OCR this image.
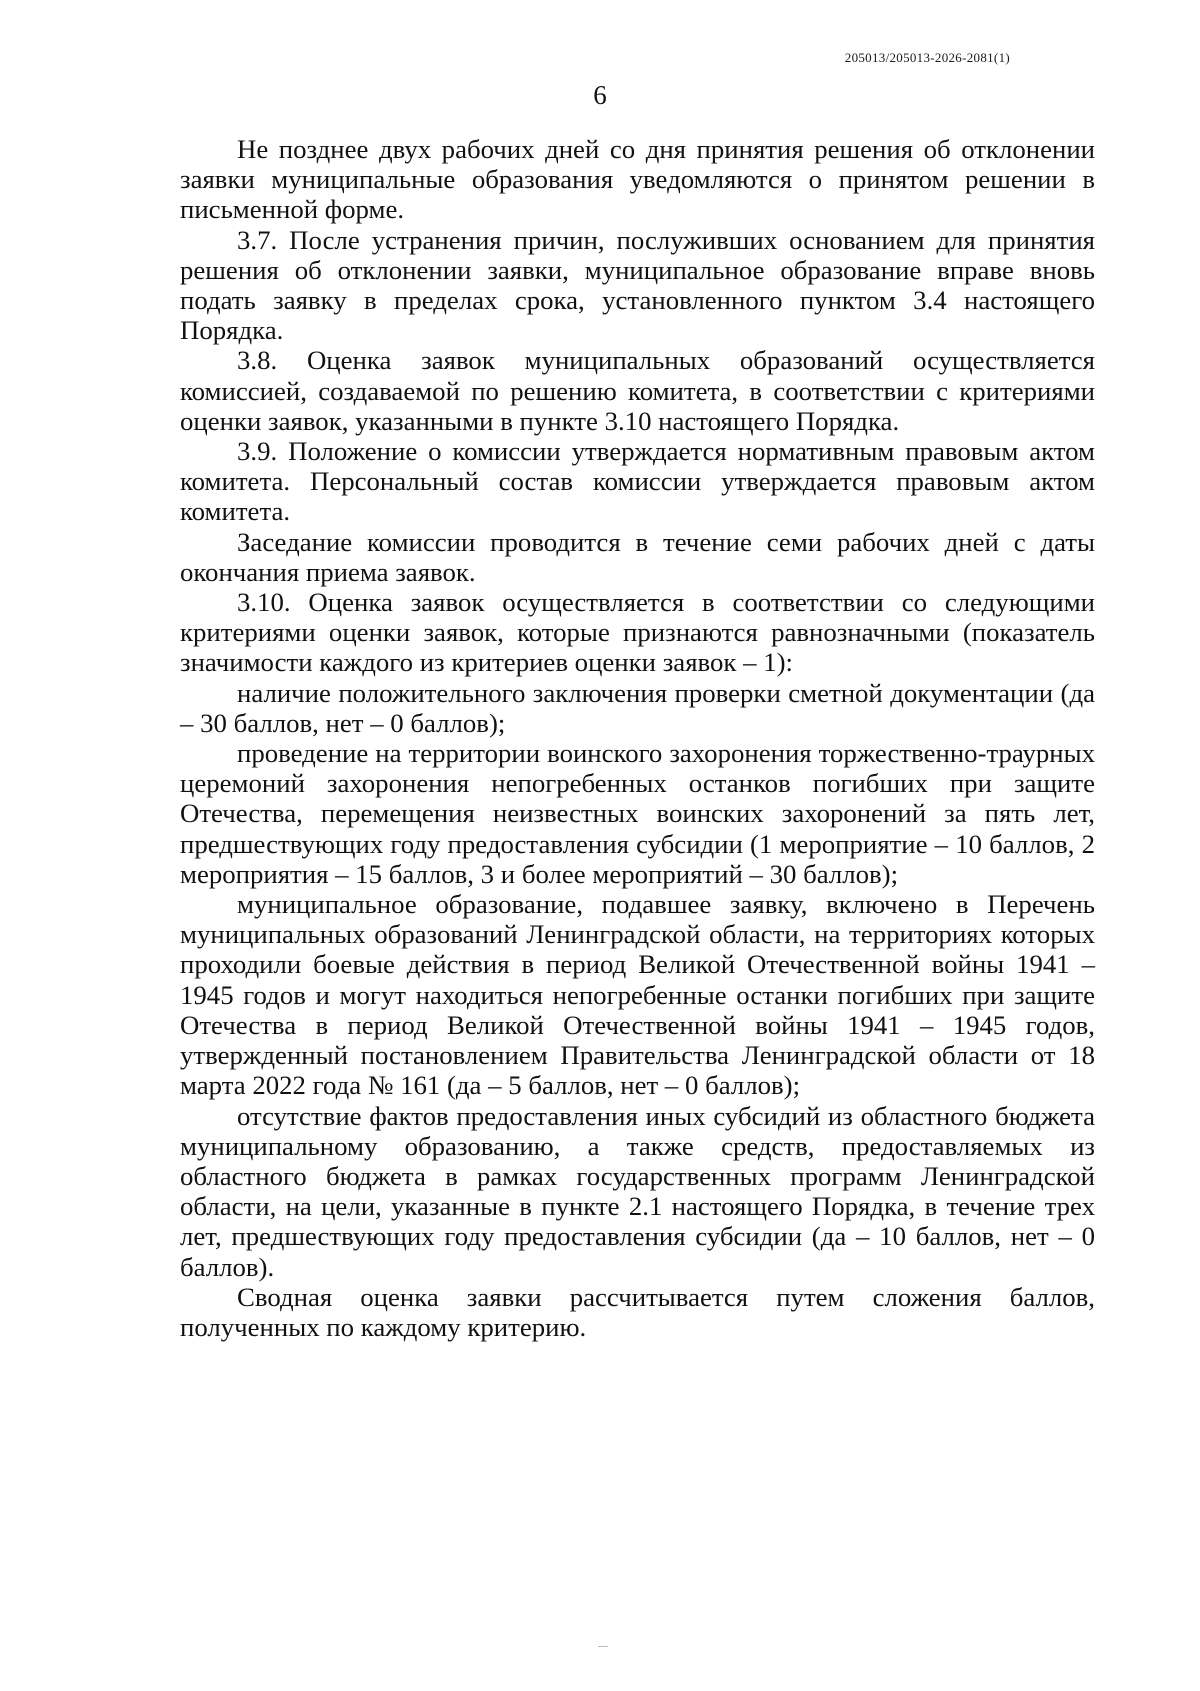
205013/205013-2026-2081(1)
6

Не позднее двух рабочих дней со дня принятия решения об отклонении заявки муниципальные образования уведомляются о принятом решении в письменной форме.

3.7. После устранения причин, послуживших основанием для принятия решения об отклонении заявки, муниципальное образование вправе вновь подать заявку в пределах срока, установленного пунктом 3.4 настоящего Порядка.

3.8. Оценка заявок муниципальных образований осуществляется комиссией, создаваемой по решению комитета, в соответствии с критериями оценки заявок, указанными в пункте 3.10 настоящего Порядка.

3.9. Положение о комиссии утверждается нормативным правовым актом комитета. Персональный состав комиссии утверждается правовым актом комитета.

Заседание комиссии проводится в течение семи рабочих дней с даты окончания приема заявок.

3.10. Оценка заявок осуществляется в соответствии со следующими критериями оценки заявок, которые признаются равнозначными (показатель значимости каждого из критериев оценки заявок – 1):

наличие положительного заключения проверки сметной документации (да – 30 баллов, нет – 0 баллов);

проведение на территории воинского захоронения торжественно-траурных церемоний захоронения непогребенных останков погибших при защите Отечества, перемещения неизвестных воинских захоронений за пять лет, предшествующих году предоставления субсидии (1 мероприятие – 10 баллов, 2 мероприятия – 15 баллов, 3 и более мероприятий – 30 баллов);

муниципальное образование, подавшее заявку, включено в Перечень муниципальных образований Ленинградской области, на территориях которых проходили боевые действия в период Великой Отечественной войны 1941 – 1945 годов и могут находиться непогребенные останки погибших при защите Отечества в период Великой Отечественной войны 1941 – 1945 годов, утвержденный постановлением Правительства Ленинградской области от 18 марта 2022 года № 161 (да – 5 баллов, нет – 0 баллов);

отсутствие фактов предоставления иных субсидий из областного бюджета муниципальному образованию, а также средств, предоставляемых из областного бюджета в рамках государственных программ Ленинградской области, на цели, указанные в пункте 2.1 настоящего Порядка, в течение трех лет, предшествующих году предоставления субсидии (да – 10 баллов, нет – 0 баллов).

Сводная оценка заявки рассчитывается путем сложения баллов, полученных по каждому критерию.
